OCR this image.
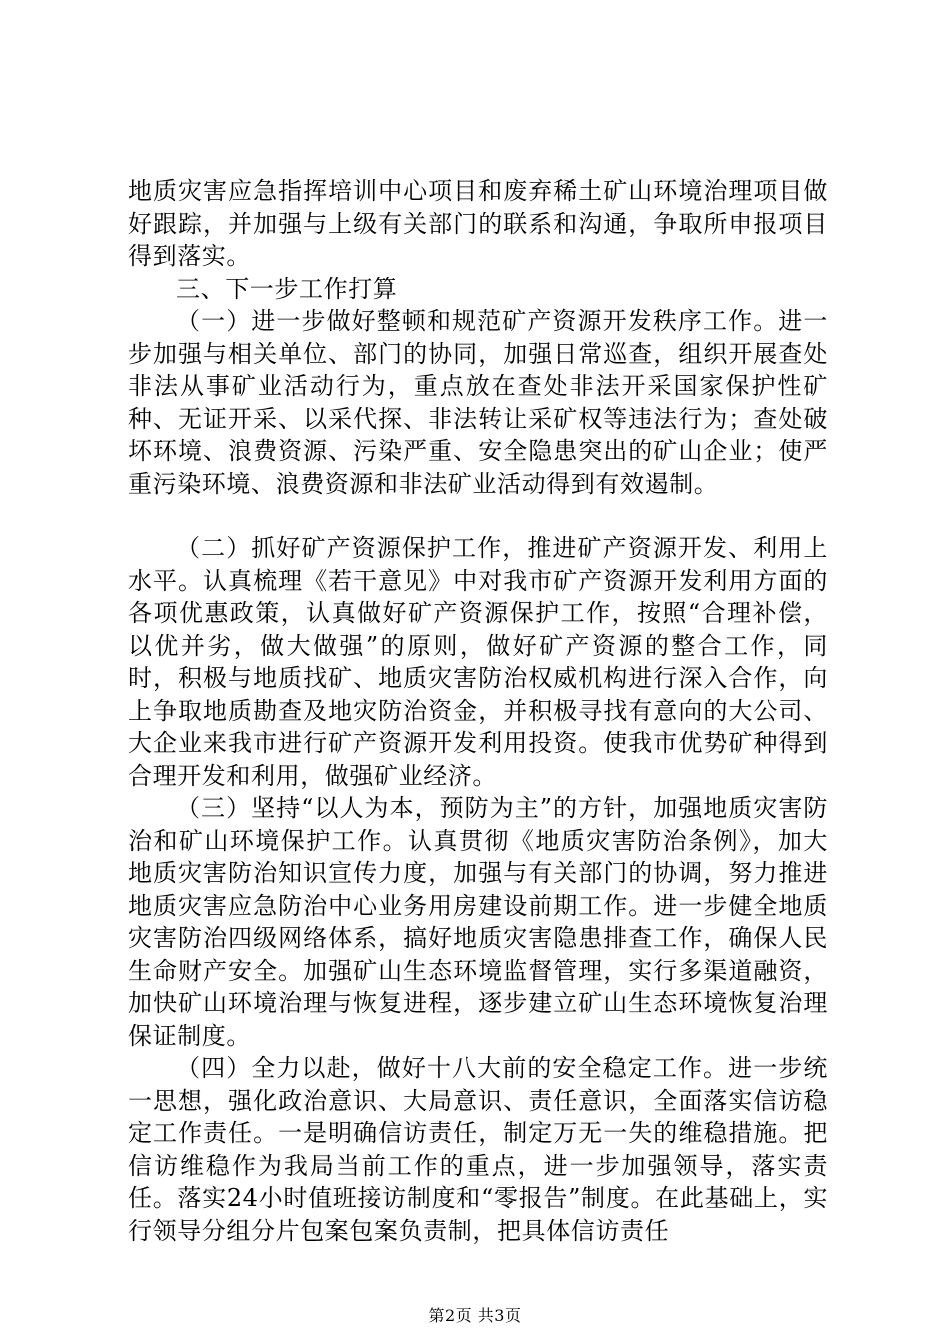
地质灾害应急指挥培训中心项目和废弃稀土矿山环境治理项目做好跟踪，并加强与上级有关部门的联系和沟通，争取所申报项目得到落实。

三、下一步工作打算

（一）进一步做好整顿和规范矿产资源开发秩序工作。进一步加强与相关单位、部门的协同，加强日常巡查，组织开展查处非法从事矿业活动行为，重点放在查处非法开采国家保护性矿种、无证开采、以采代探、非法转让采矿权等违法行为；查处破坏环境、浪费资源、污染严重、安全隐患突出的矿山企业；使严重污染环境、浪费资源和非法矿业活动得到有效遏制。

（二）抓好矿产资源保护工作，推进矿产资源开发、利用上水平。认真梳理《若干意见》中对我市矿产资源开发利用方面的各项优惠政策，认真做好矿产资源保护工作，按照“合理补偿，以优并劣，做大做强”的原则，做好矿产资源的整合工作，同时，积极与地质找矿、地质灾害防治权威机构进行深入合作，向上争取地质勘查及地灾防治资金，并积极寻找有意向的大公司、大企业来我市进行矿产资源开发利用投资。使我市优势矿种得到合理开发和利用，做强矿业经济。

（三）坚持“以人为本，预防为主”的方针，加强地质灾害防治和矿山环境保护工作。认真贯彻《地质灾害防治条例》，加大地质灾害防治知识宣传力度，加强与有关部门的协调，努力推进地质灾害应急防治中心业务用房建设前期工作。进一步健全地质灾害防治四级网络体系，搞好地质灾害隐患排查工作，确保人民生命财产安全。加强矿山生态环境监督管理，实行多渠道融资，加快矿山环境治理与恢复进程，逐步建立矿山生态环境恢复治理保证制度。

（四）全力以赴，做好十八大前的安全稳定工作。进一步统一思想，强化政治意识、大局意识、责任意识，全面落实信访稳定工作责任。一是明确信访责任，制定万无一失的维稳措施。把信访维稳作为我局当前工作的重点，进一步加强领导，落实责任。落实24小时值班接访制度和“零报告”制度。在此基础上，实行领导分组分片包案包案负责制，把具体信访责任

第2页 共3页
